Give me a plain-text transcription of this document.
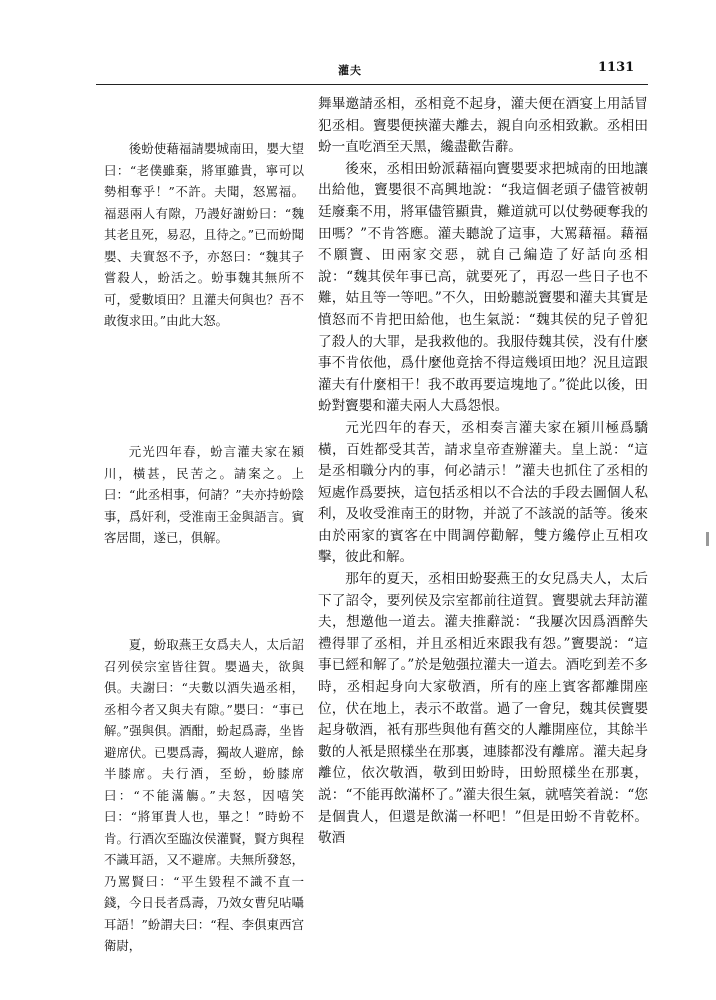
灌夫	1131

後蚡使藉福請嬰城南田，嬰大望曰：“老僕雖棄，將軍雖貴，寧可以勢相奪乎！”不許。夫聞，怒罵福。福惡兩人有隙，乃謾好謝蚡曰：“魏其老且死，易忍，且待之。”已而蚡聞嬰、夫實怒不予，亦怒曰：“魏其子嘗殺人，蚡活之。蚡事魏其無所不可，愛數頃田？且灌夫何與也？吾不敢復求田。”由此大怒。

元光四年春，蚡言灌夫家在潁川，橫甚，民苦之。請案之。上曰：“此丞相事，何請？”夫亦持蚡陰事，爲奸利，受淮南王金與語言。賓客居間，遂已，俱解。

夏，蚡取燕王女爲夫人，太后詔召列侯宗室皆往賀。嬰過夫，欲與俱。夫謝曰：“夫數以酒失過丞相，丞相今者又與夫有隙。”嬰曰：“事已解。”强與俱。酒酣，蚡起爲壽，坐皆避席伏。已嬰爲壽，獨故人避席，餘半膝席。夫行酒，至蚡，蚡膝席曰：“不能滿觴。”夫怒，因嘻笑曰：“將軍貴人也，畢之！”時蚡不肯。行酒次至臨汝侯灌賢，賢方與程不識耳語，又不避席。夫無所發怒，乃罵賢曰：“平生毀程不識不直一錢，今日長者爲壽，乃效女曹兒呫囁耳語！”蚡謂夫曰：“程、李俱東西宫衛尉，

舞畢邀請丞相，丞相竟不起身，灌夫便在酒宴上用話冒犯丞相。竇嬰便挾灌夫離去，親自向丞相致歉。丞相田蚡一直吃酒至天黑，纔盡歡告辭。

後來，丞相田蚡派藉福向竇嬰要求把城南的田地讓出給他，竇嬰很不高興地說：“我這個老頭子儘管被朝廷廢棄不用，將軍儘管顯貴，難道就可以仗勢硬奪我的田嗎？”不肯答應。灌夫聽說了這事，大罵藉福。藉福不願竇、田兩家交惡，就自己編造了好話向丞相說：“魏其侯年事已高，就要死了，再忍一些日子也不難，姑且等一等吧。”不久，田蚡聽説竇嬰和灌夫其實是憤怒而不肯把田給他，也生氣説：“魏其侯的兒子曾犯了殺人的大罪，是我救他的。我服侍魏其侯，没有什麼事不肯依他，爲什麼他竟捨不得這幾頃田地？況且這跟灌夫有什麼相干！我不敢再要這塊地了。”從此以後，田蚡對竇嬰和灌夫兩人大爲怨恨。

元光四年的春天，丞相奏言灌夫家在潁川極爲驕橫，百姓都受其苦，請求皇帝查辦灌夫。皇上説：“這是丞相職分内的事，何必請示！”灌夫也抓住了丞相的短處作爲要挾，這包括丞相以不合法的手段去圖個人私利，及收受淮南王的財物，并説了不該説的話等。後來由於兩家的賓客在中間調停勸解，雙方纔停止互相攻擊，彼此和解。

那年的夏天，丞相田蚡娶燕王的女兒爲夫人，太后下了詔令，要列侯及宗室都前往道賀。竇嬰就去拜訪灌夫，想邀他一道去。灌夫推辭説：“我屢次因爲酒醉失禮得罪了丞相，并且丞相近來跟我有怨。”竇嬰説：“這事已經和解了。”於是勉强拉灌夫一道去。酒吃到差不多時，丞相起身向大家敬酒，所有的座上賓客都離開座位，伏在地上，表示不敢當。過了一會兒，魏其侯竇嬰起身敬酒，衹有那些與他有舊交的人離開座位，其餘半數的人衹是照樣坐在那裏，連膝都没有離席。灌夫起身離位，依次敬酒，敬到田蚡時，田蚡照樣坐在那裏，説：“不能再飲滿杯了。”灌夫很生氣，就嘻笑着説：“您是個貴人，但還是飲滿一杯吧！”但是田蚡不肯乾杯。敬酒
